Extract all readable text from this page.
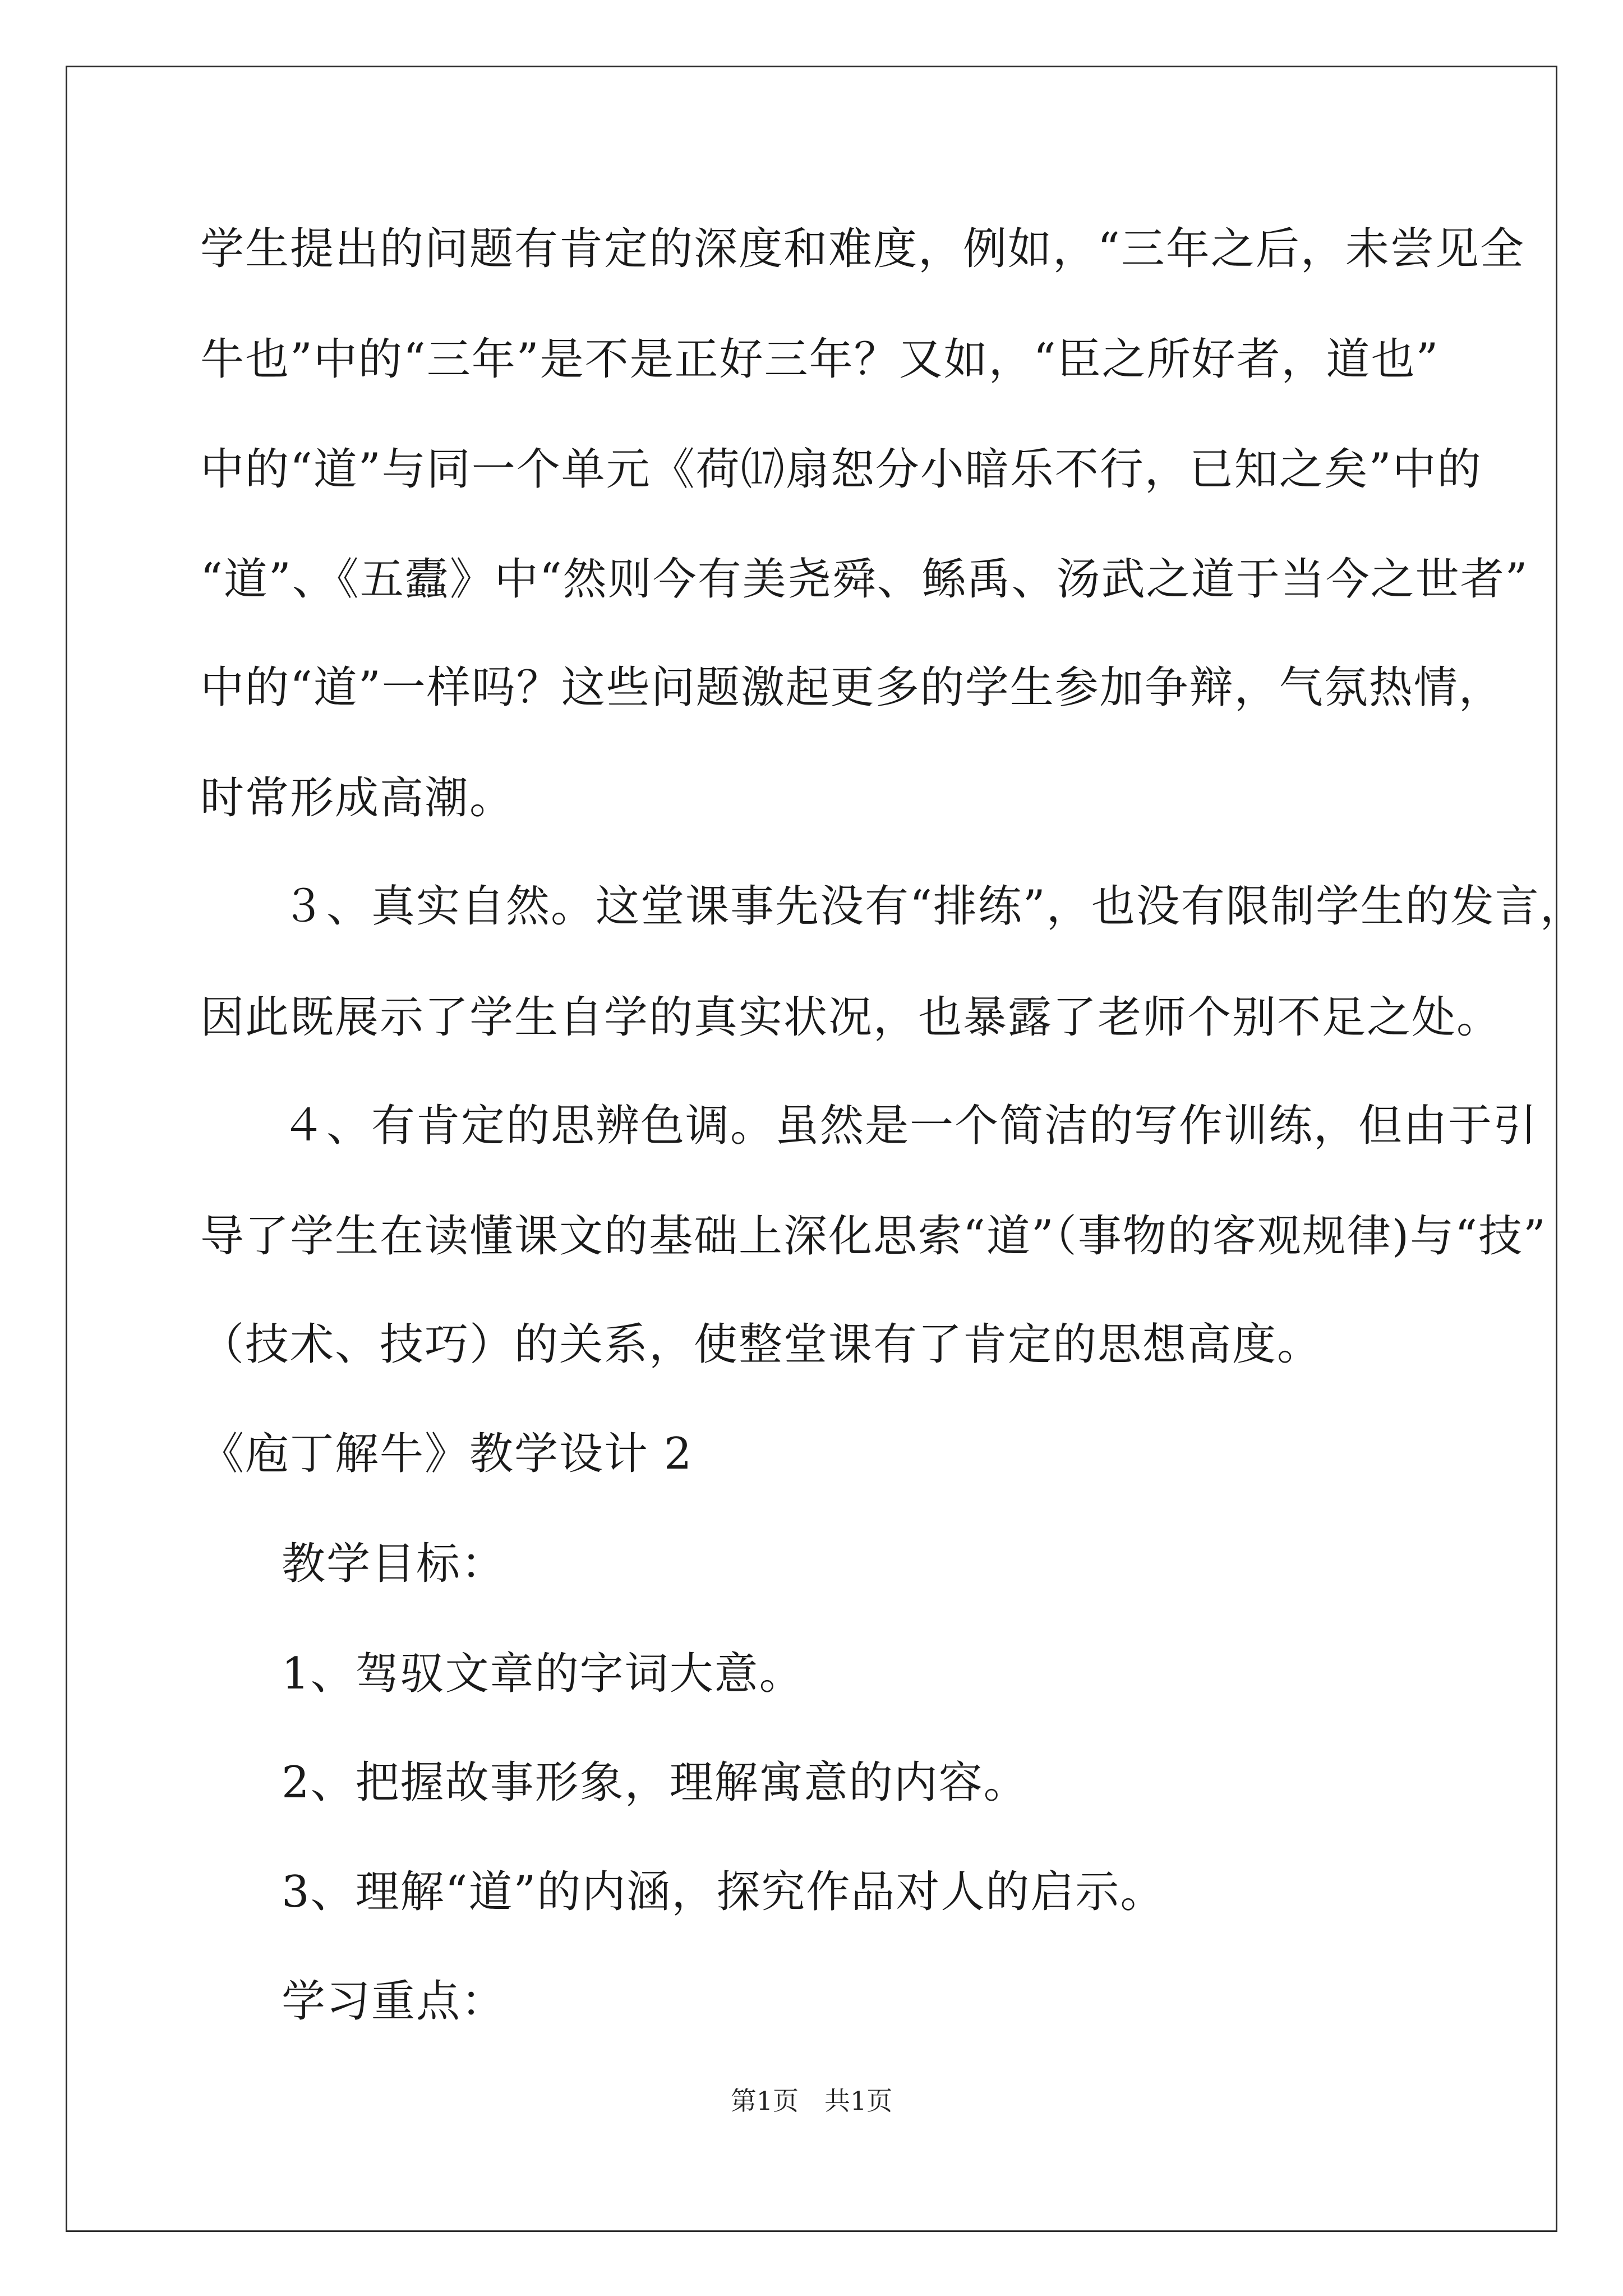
学生提出的问题有肯定的深度和难度，例如，“三年之后，未尝见全
牛也”中的“三年”是不是正好三年？又如，“臣之所好者，道也”
中的“道”与同一个单元《荷⒄扇恕分小暗乐不行，已知之矣”中的
“道”、《五蠹》中“然则今有美尧舜、鲧禹、汤武之道于当今之世者”
中的“道”一样吗？这些问题激起更多的学生参加争辩，气氛热情，
时常形成高潮。
３、真实自然。这堂课事先没有“排练”，也没有限制学生的发言，
因此既展示了学生自学的真实状况，也暴露了老师个别不足之处。
４、有肯定的思辨色调。虽然是一个简洁的写作训练，但由于引
导了学生在读懂课文的基础上深化思索“道”（事物的客观规律)与“技”
（技术、技巧）的关系，使整堂课有了肯定的思想高度。
《庖丁解牛》教学设计 2
教学目标：
1、驾驭文章的字词大意。
2、把握故事形象，理解寓意的内容。
3、理解“道”的内涵，探究作品对人的启示。
学习重点：
第1页　共1页
